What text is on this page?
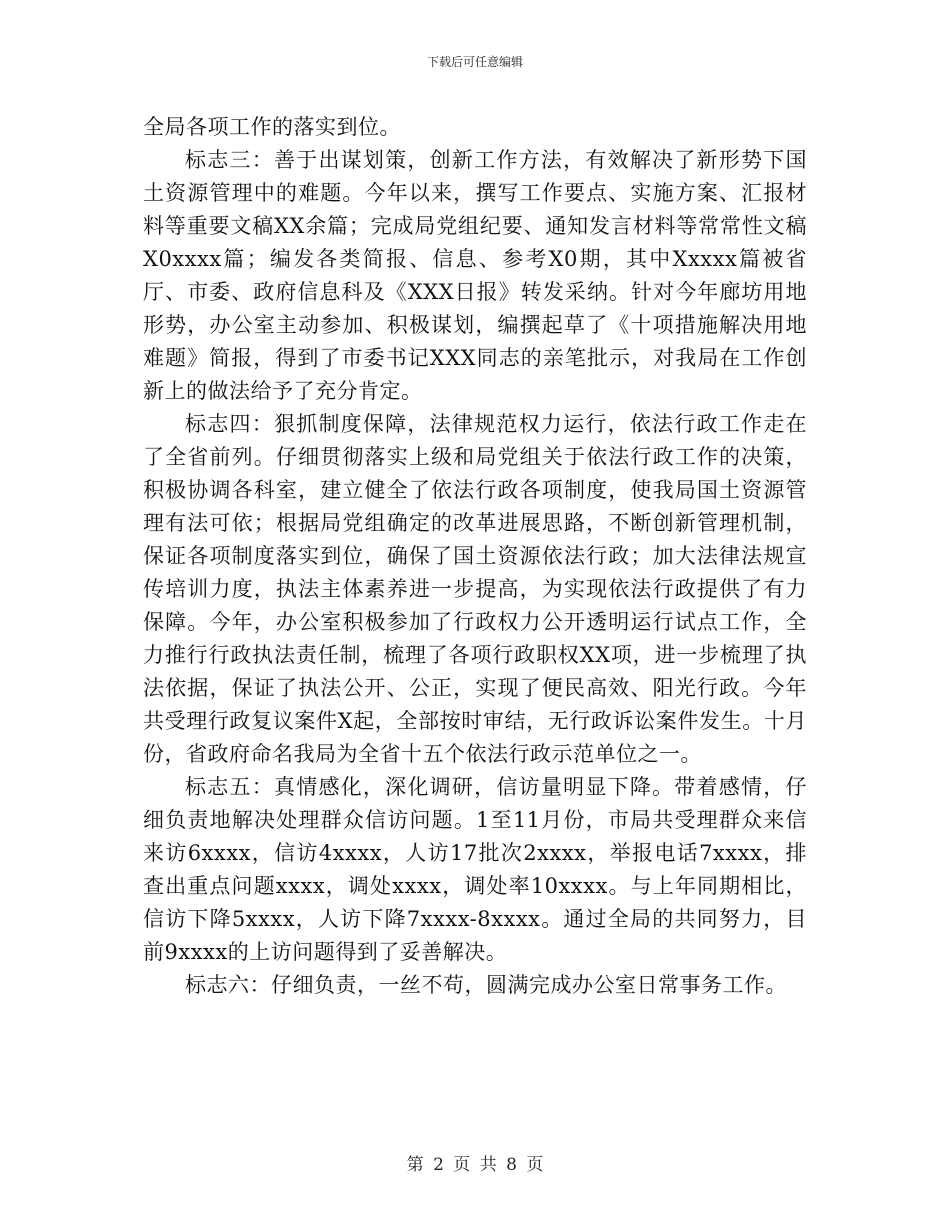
下载后可任意编辑

全局各项工作的落实到位。

标志三：善于出谋划策，创新工作方法，有效解决了新形势下国土资源管理中的难题。今年以来，撰写工作要点、实施方案、汇报材料等重要文稿XX余篇；完成局党组纪要、通知发言材料等常常性文稿X0xxxx篇；编发各类简报、信息、参考X0期，其中Xxxxx篇被省厅、市委、政府信息科及《XXX日报》转发采纳。针对今年廊坊用地形势，办公室主动参加、积极谋划，编撰起草了《十项措施解决用地难题》简报，得到了市委书记XXX同志的亲笔批示，对我局在工作创新上的做法给予了充分肯定。

标志四：狠抓制度保障，法律规范权力运行，依法行政工作走在了全省前列。仔细贯彻落实上级和局党组关于依法行政工作的决策，积极协调各科室，建立健全了依法行政各项制度，使我局国土资源管理有法可依；根据局党组确定的改革进展思路，不断创新管理机制，保证各项制度落实到位，确保了国土资源依法行政；加大法律法规宣传培训力度，执法主体素养进一步提高，为实现依法行政提供了有力保障。今年，办公室积极参加了行政权力公开透明运行试点工作，全力推行行政执法责任制，梳理了各项行政职权XX项，进一步梳理了执法依据，保证了执法公开、公正，实现了便民高效、阳光行政。今年共受理行政复议案件X起，全部按时审结，无行政诉讼案件发生。十月份，省政府命名我局为全省十五个依法行政示范单位之一。

标志五：真情感化，深化调研，信访量明显下降。带着感情，仔细负责地解决处理群众信访问题。1至11月份，市局共受理群众来信来访6xxxx，信访4xxxx，人访17批次2xxxx，举报电话7xxxx，排查出重点问题xxxx，调处xxxx，调处率10xxxx。与上年同期相比，信访下降5xxxx，人访下降7xxxx-8xxxx。通过全局的共同努力，目前9xxxx的上访问题得到了妥善解决。

标志六：仔细负责，一丝不苟，圆满完成办公室日常事务工作。

第 2 页 共 8 页
